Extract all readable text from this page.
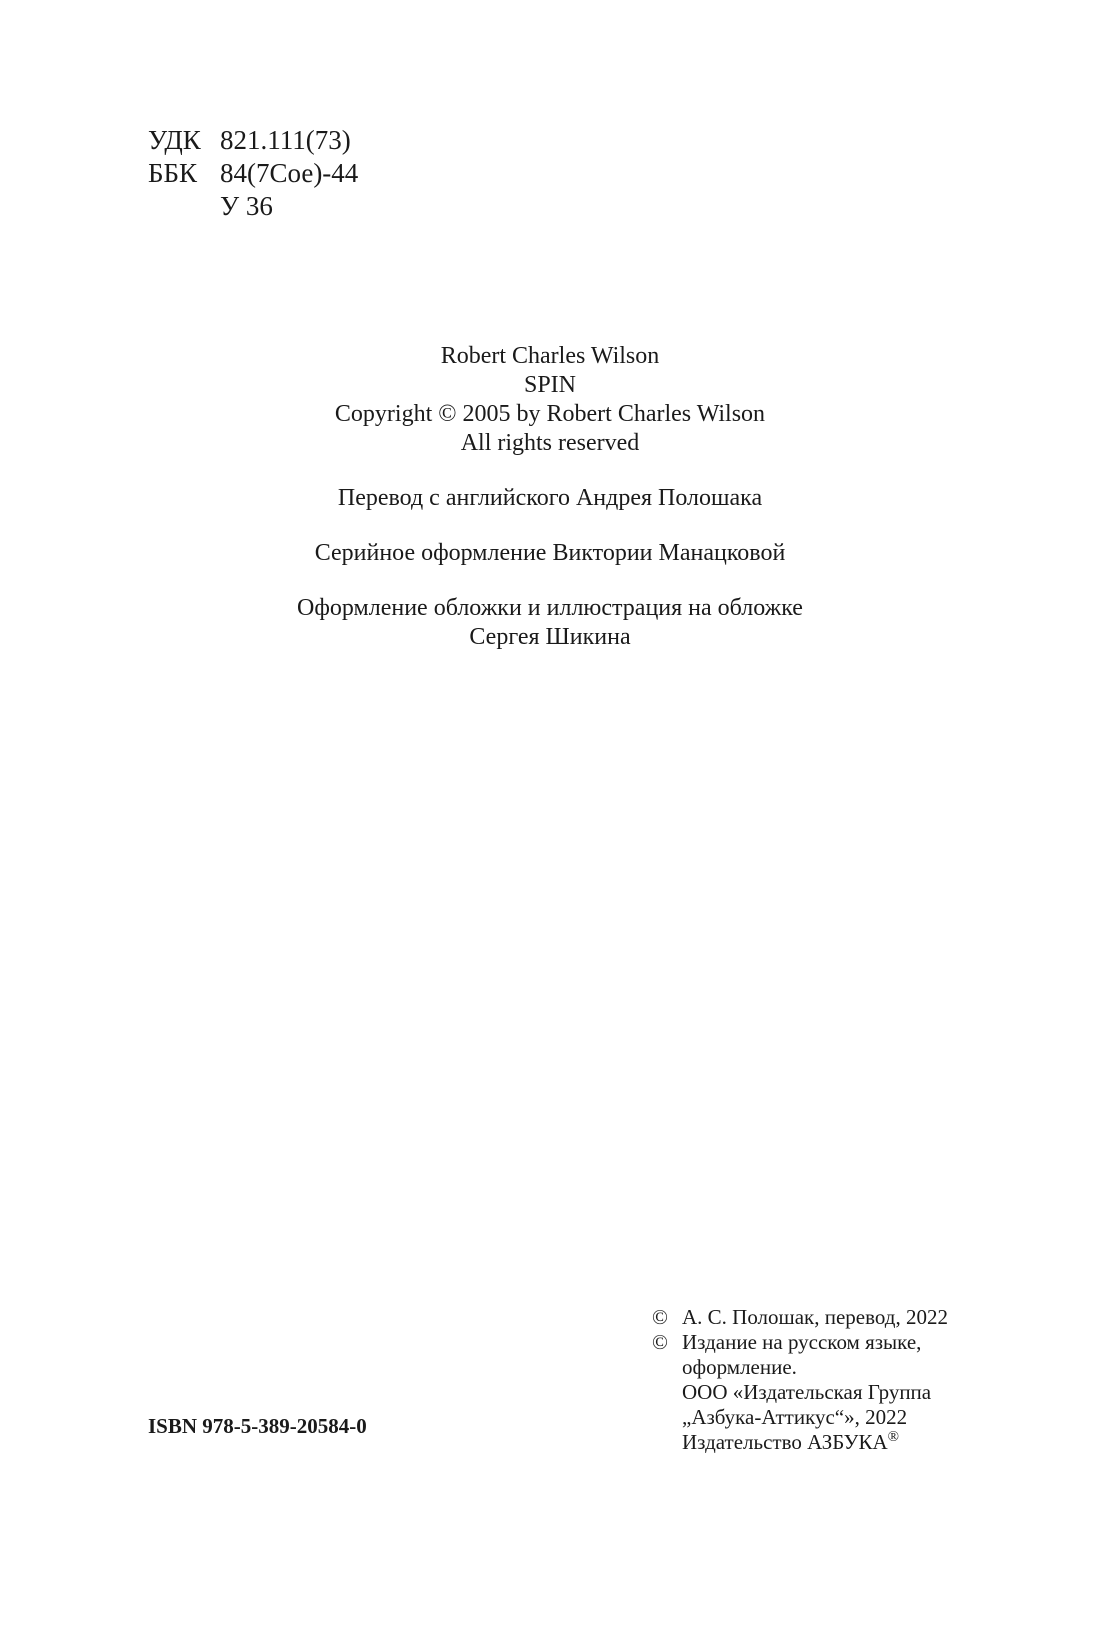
УДК 821.111(73)
ББК 84(7Сое)-44
У 36
Robert Charles Wilson
SPIN
Copyright © 2005 by Robert Charles Wilson
All rights reserved
Перевод с английского Андрея Полошака
Серийное оформление Виктории Манацковой
Оформление обложки и иллюстрация на обложке
Сергея Шикина
ISBN 978-5-389-20584-0
© А. С. Полошак, перевод, 2022
© Издание на русском языке,
оформление.
ООО «Издательская Группа
„Азбука-Аттикус“», 2022
Издательство АЗБУКА®
